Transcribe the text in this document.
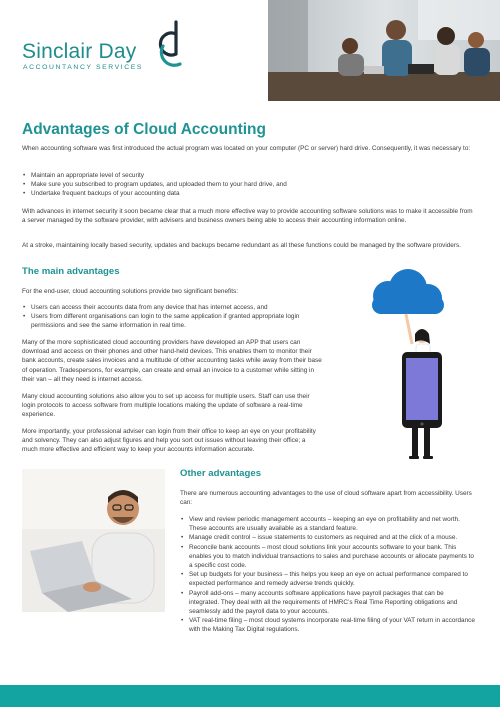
Sinclair Day
ACCOUNTANCY SERVICES
Advantages of Cloud Accounting
When accounting software was first introduced the actual program was located on your computer (PC or server) hard drive. Consequently, it was necessary to:
• Maintain an appropriate level of security
• Make sure you subscribed to program updates, and uploaded them to your hard drive, and
• Undertake frequent backups of your accounting data
With advances in internet security it soon became clear that a much more effective way to provide accounting software solutions was to make it accessible from a server managed by the software provider, with advisers and business owners being able to access their accounting information online.
At a stroke, maintaining locally based security, updates and backups became redundant as all these functions could be managed by the software providers.
The main advantages
For the end-user, cloud accounting solutions provide two significant benefits:
• Users can access their accounts data from any device that has internet access, and
• Users from different organisations can login to the same application if granted appropriate login permissions and see the same information in real time.
Many of the more sophisticated cloud accounting providers have developed an APP that users can download and access on their phones and other hand-held devices. This enables them to monitor their bank accounts, create sales invoices and a multitude of other accounting tasks while away from their base of operation. Tradespersons, for example, can create and email an invoice to a customer while sitting in their van – all they need is internet access.
Many cloud accounting solutions also allow you to set up access for multiple users. Staff can use their login protocols to access software from multiple locations making the update of software a real-time experience.
More importantly, your professional adviser can login from their office to keep an eye on your profitability and solvency. They can also adjust figures and help you sort out issues without leaving their office; a much more effective and efficient way to keep your accounts information accurate.
Other advantages
There are numerous accounting advantages to the use of cloud software apart from accessibility. Users can:
• View and review periodic management accounts – keeping an eye on profitability and net worth. These accounts are usually available as a standard feature.
• Manage credit control – issue statements to customers as required and at the click of a mouse.
• Reconcile bank accounts – most cloud solutions link your accounts software to your bank. This enables you to match individual transactions to sales and purchase accounts or allocate payments to a specific cost code.
• Set up budgets for your business – this helps you keep an eye on actual performance compared to expected performance and remedy adverse trends quickly.
• Payroll add-ons – many accounts software applications have payroll packages that can be integrated. They deal with all the requirements of HMRC’s Real Time Reporting obligations and seamlessly add the payroll data to your accounts.
• VAT real-time filing – most cloud systems incorporate real-time filing of your VAT return in accordance with the Making Tax Digital regulations.
